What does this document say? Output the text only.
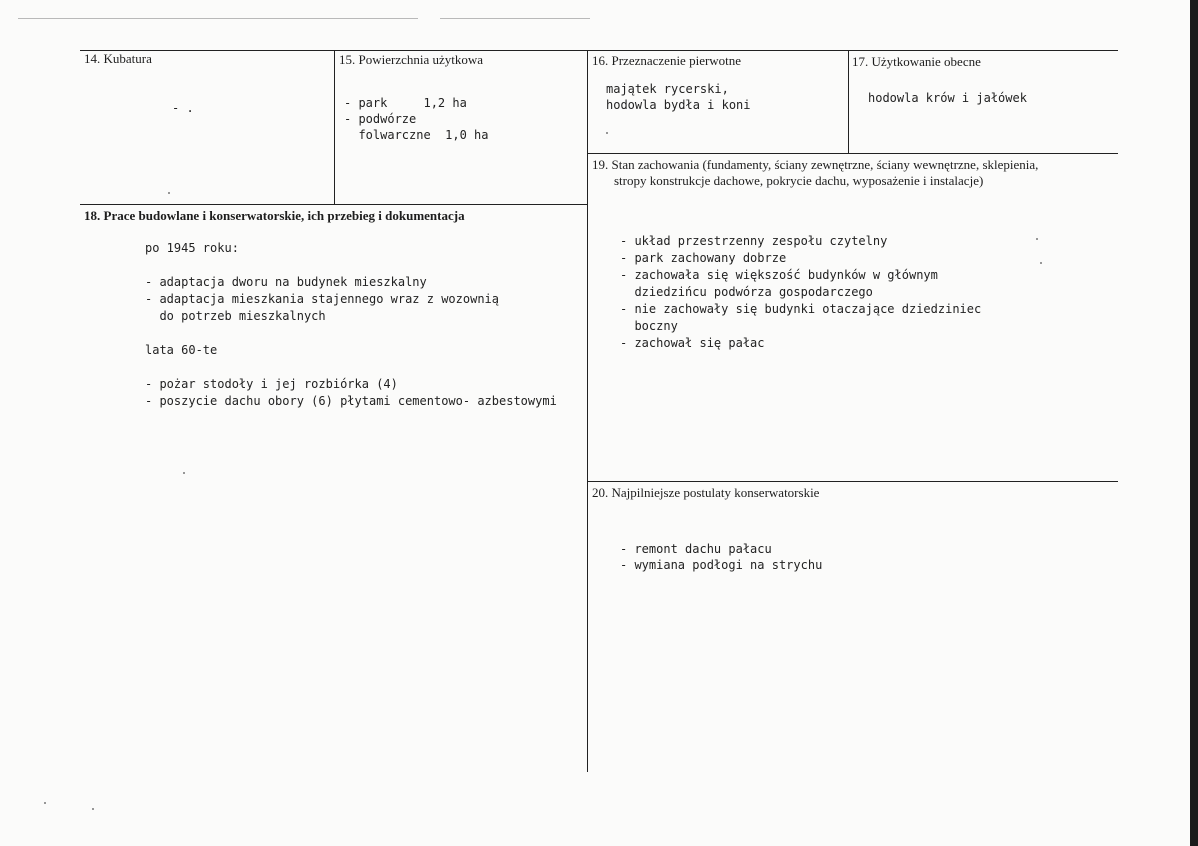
14. Kubatura
- .
15. Powierzchnia użytkowa
- park     1,2 ha
- podwórze
folwarczne  1,0 ha
16. Przeznaczenie pierwotne
majątek rycerski,
hodowla bydła i koni
17. Użytkowanie obecne
hodowla krów i jałówek
19. Stan zachowania (fundamenty, ściany zewnętrzne, ściany wewnętrzne, sklepienia,
stropy konstrukcje dachowe, pokrycie dachu, wyposażenie i instalacje)
- układ przestrzenny zespołu czytelny
- park zachowany dobrze
- zachowała się większość budynków w głównym
dziedzińcu podwórza gospodarczego
- nie zachowały się budynki otaczające dziedziniec
boczny
- zachował się pałac
18. Prace budowlane i konserwatorskie, ich przebieg i dokumentacja
po 1945 roku:
- adaptacja dworu na budynek mieszkalny
- adaptacja mieszkania stajennego wraz z wozownią
do potrzeb mieszkalnych
lata 60-te
- pożar stodoły i jej rozbiórka (4)
- poszycie dachu obory (6) płytami cementowo- azbestowymi
20. Najpilniejsze postulaty konserwatorskie
- remont dachu pałacu
- wymiana podłogi na strychu
